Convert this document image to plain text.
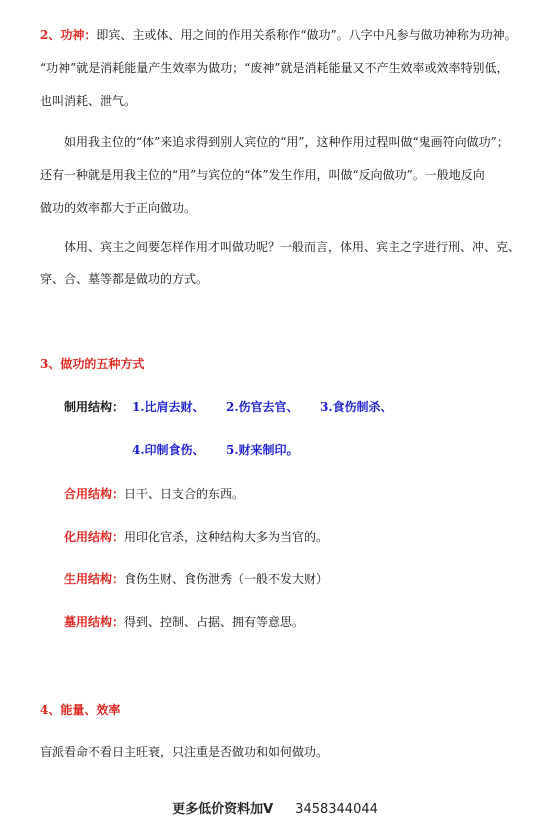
2、功神：即宾、主或体、用之间的作用关系称作“做功”。八字中凡参与做功神称为功神。
“功神”就是消耗能量产生效率为做功；“废神”就是消耗能量又不产生效率或效率特别低，
也叫消耗、泄气。
如用我主位的“体”来追求得到别人宾位的“用”，这种作用过程叫做“鬼画符向做功”；
还有一种就是用我主位的“用”与宾位的“体”发生作用，叫做“反向做功”。一般地反向
做功的效率都大于正向做功。
体用、宾主之间要怎样作用才叫做功呢？一般而言，体用、宾主之字进行刑、冲、克、
穿、合、墓等都是做功的方式。
3、做功的五种方式
制用结构： 1.比肩去财、 2.伤官去官、 3.食伤制杀、
4.印制食伤、 5.财来制印。
合用结构：日干、日支合的东西。
化用结构：用印化官杀，这种结构大多为当官的。
生用结构：食伤生财、食伤泄秀（一般不发大财）
墓用结构：得到、控制、占据、拥有等意思。
4、能量、效率
盲派看命不看日主旺衰，只注重是否做功和如何做功。
更多低价资料加V 3458344044
